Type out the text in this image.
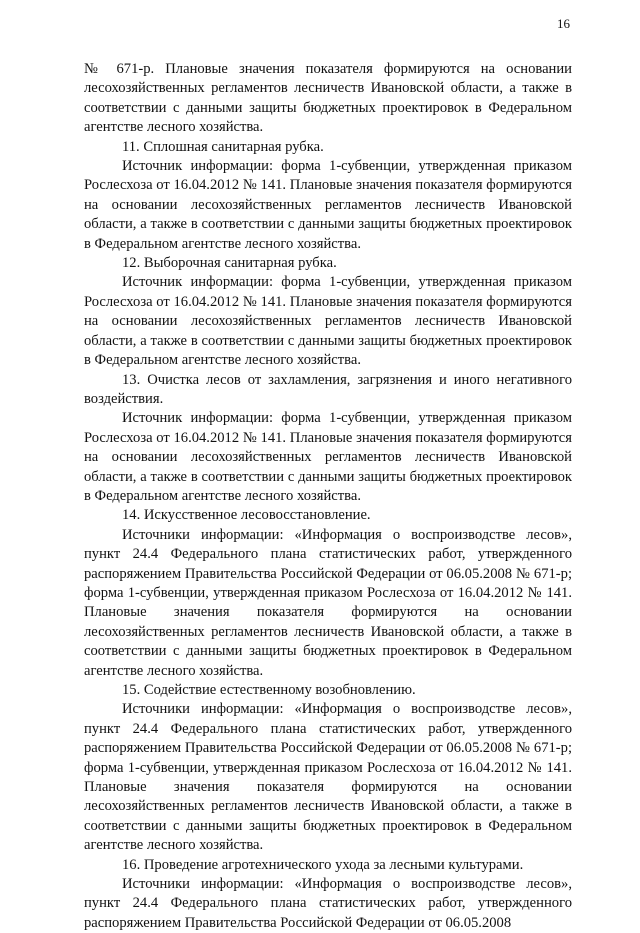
16

№ 671-р. Плановые значения показателя формируются на основании лесохозяйственных регламентов лесничеств Ивановской области, а также в соответствии с данными защиты бюджетных проектировок в Федеральном агентстве лесного хозяйства.

11. Сплошная санитарная рубка.

Источник информации: форма 1-субвенции, утвержденная приказом Рослесхоза от 16.04.2012 № 141. Плановые значения показателя формируются на основании лесохозяйственных регламентов лесничеств Ивановской области, а также в соответствии с данными защиты бюджетных проектировок в Федеральном агентстве лесного хозяйства.

12. Выборочная санитарная рубка.

Источник информации: форма 1-субвенции, утвержденная приказом Рослесхоза от 16.04.2012 № 141. Плановые значения показателя формируются на основании лесохозяйственных регламентов лесничеств Ивановской области, а также в соответствии с данными защиты бюджетных проектировок в Федеральном агентстве лесного хозяйства.

13. Очистка лесов от захламления, загрязнения и иного негативного воздействия.

Источник информации: форма 1-субвенции, утвержденная приказом Рослесхоза от 16.04.2012 № 141. Плановые значения показателя формируются на основании лесохозяйственных регламентов лесничеств Ивановской области, а также в соответствии с данными защиты бюджетных проектировок в Федеральном агентстве лесного хозяйства.

14. Искусственное лесовосстановление.

Источники информации: «Информация о воспроизводстве лесов», пункт 24.4 Федерального плана статистических работ, утвержденного распоряжением Правительства Российской Федерации от 06.05.2008 № 671-р; форма 1-субвенции, утвержденная приказом Рослесхоза от 16.04.2012 № 141. Плановые значения показателя формируются на основании лесохозяйственных регламентов лесничеств Ивановской области, а также в соответствии с данными защиты бюджетных проектировок в Федеральном агентстве лесного хозяйства.

15. Содействие естественному возобновлению.

Источники информации: «Информация о воспроизводстве лесов», пункт 24.4 Федерального плана статистических работ, утвержденного распоряжением Правительства Российской Федерации от 06.05.2008 № 671-р; форма 1-субвенции, утвержденная приказом Рослесхоза от 16.04.2012 № 141. Плановые значения показателя формируются на основании лесохозяйственных регламентов лесничеств Ивановской области, а также в соответствии с данными защиты бюджетных проектировок в Федеральном агентстве лесного хозяйства.

16. Проведение агротехнического ухода за лесными культурами.

Источники информации: «Информация о воспроизводстве лесов», пункт 24.4 Федерального плана статистических работ, утвержденного распоряжением Правительства Российской Федерации от 06.05.2008
